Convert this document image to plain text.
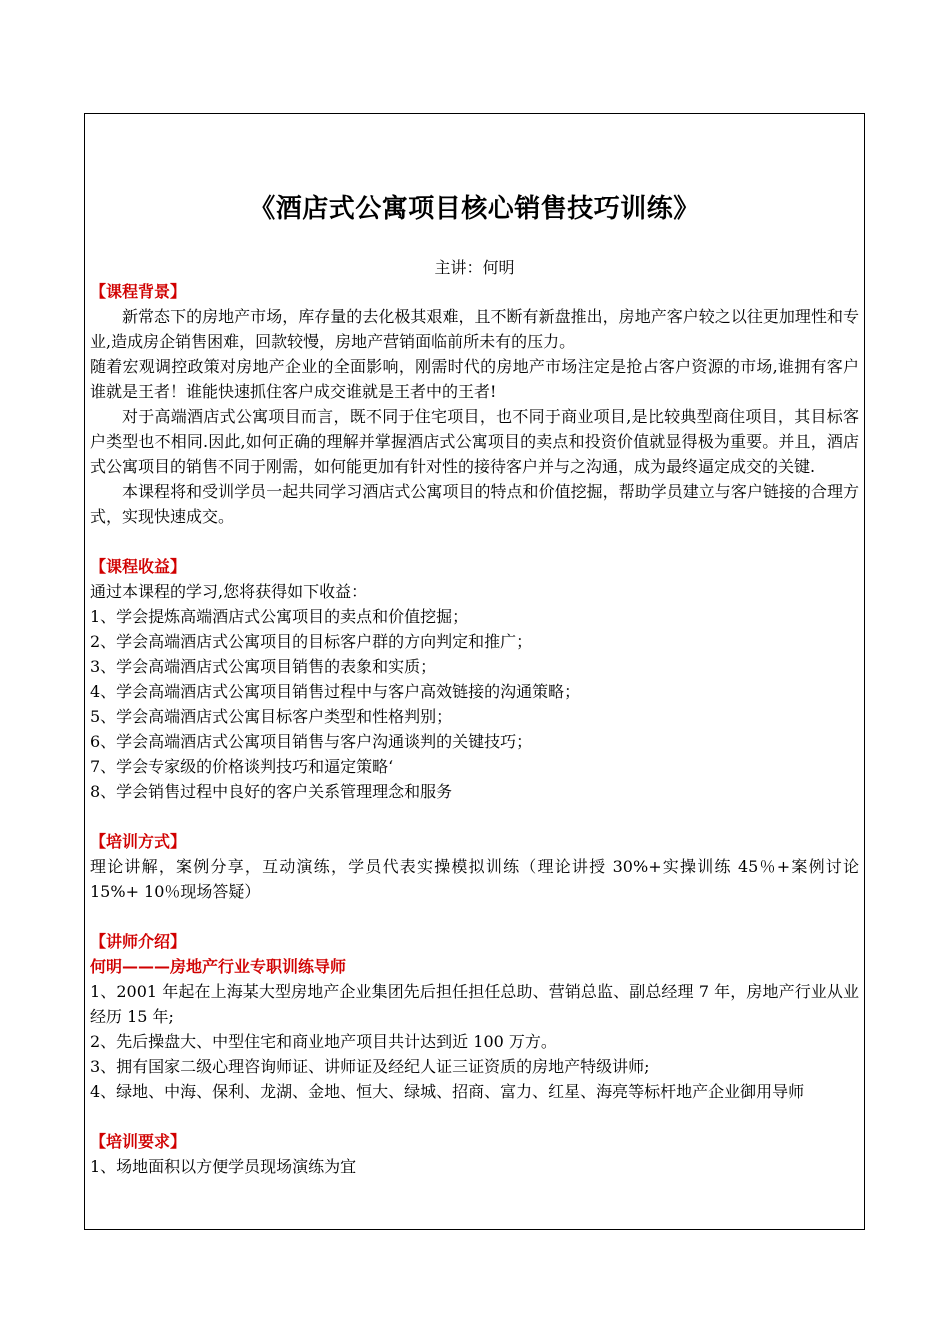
《酒店式公寓项目核心销售技巧训练》
主讲：何明

【课程背景】

新常态下的房地产市场，库存量的去化极其艰难，且不断有新盘推出，房地产客户较之以往更加理性和专业,造成房企销售困难，回款较慢，房地产营销面临前所未有的压力。

随着宏观调控政策对房地产企业的全面影响，刚需时代的房地产市场注定是抢占客户资源的市场,谁拥有客户谁就是王者！谁能快速抓住客户成交谁就是王者中的王者!

对于高端酒店式公寓项目而言，既不同于住宅项目，也不同于商业项目,是比较典型商住项目，其目标客户类型也不相同.因此,如何正确的理解并掌握酒店式公寓项目的卖点和投资价值就显得极为重要。并且，酒店式公寓项目的销售不同于刚需，如何能更加有针对性的接待客户并与之沟通，成为最终逼定成交的关键.

本课程将和受训学员一起共同学习酒店式公寓项目的特点和价值挖掘，帮助学员建立与客户链接的合理方式，实现快速成交。

【课程收益】

通过本课程的学习,您将获得如下收益：

1、学会提炼高端酒店式公寓项目的卖点和价值挖掘；

2、学会高端酒店式公寓项目的目标客户群的方向判定和推广；

3、学会高端酒店式公寓项目销售的表象和实质；

4、学会高端酒店式公寓项目销售过程中与客户高效链接的沟通策略；

5、学会高端酒店式公寓目标客户类型和性格判别；

6、学会高端酒店式公寓项目销售与客户沟通谈判的关键技巧；

7、学会专家级的价格谈判技巧和逼定策略‘

8、学会销售过程中良好的客户关系管理理念和服务

【培训方式】

理论讲解，案例分享，互动演练，学员代表实操模拟训练（理论讲授 30%+实操训练 45％+案例讨论 15%+ 10％现场答疑）

【讲师介绍】

何明———房地产行业专职训练导师

1、2001 年起在上海某大型房地产企业集团先后担任担任总助、营销总监、副总经理 7 年，房地产行业从业经历 15 年;

2、先后操盘大、中型住宅和商业地产项目共计达到近 100 万方。

3、拥有国家二级心理咨询师证、讲师证及经纪人证三证资质的房地产特级讲师;

4、绿地、中海、保利、龙湖、金地、恒大、绿城、招商、富力、红星、海亮等标杆地产企业御用导师

【培训要求】

1、场地面积以方便学员现场演练为宜
